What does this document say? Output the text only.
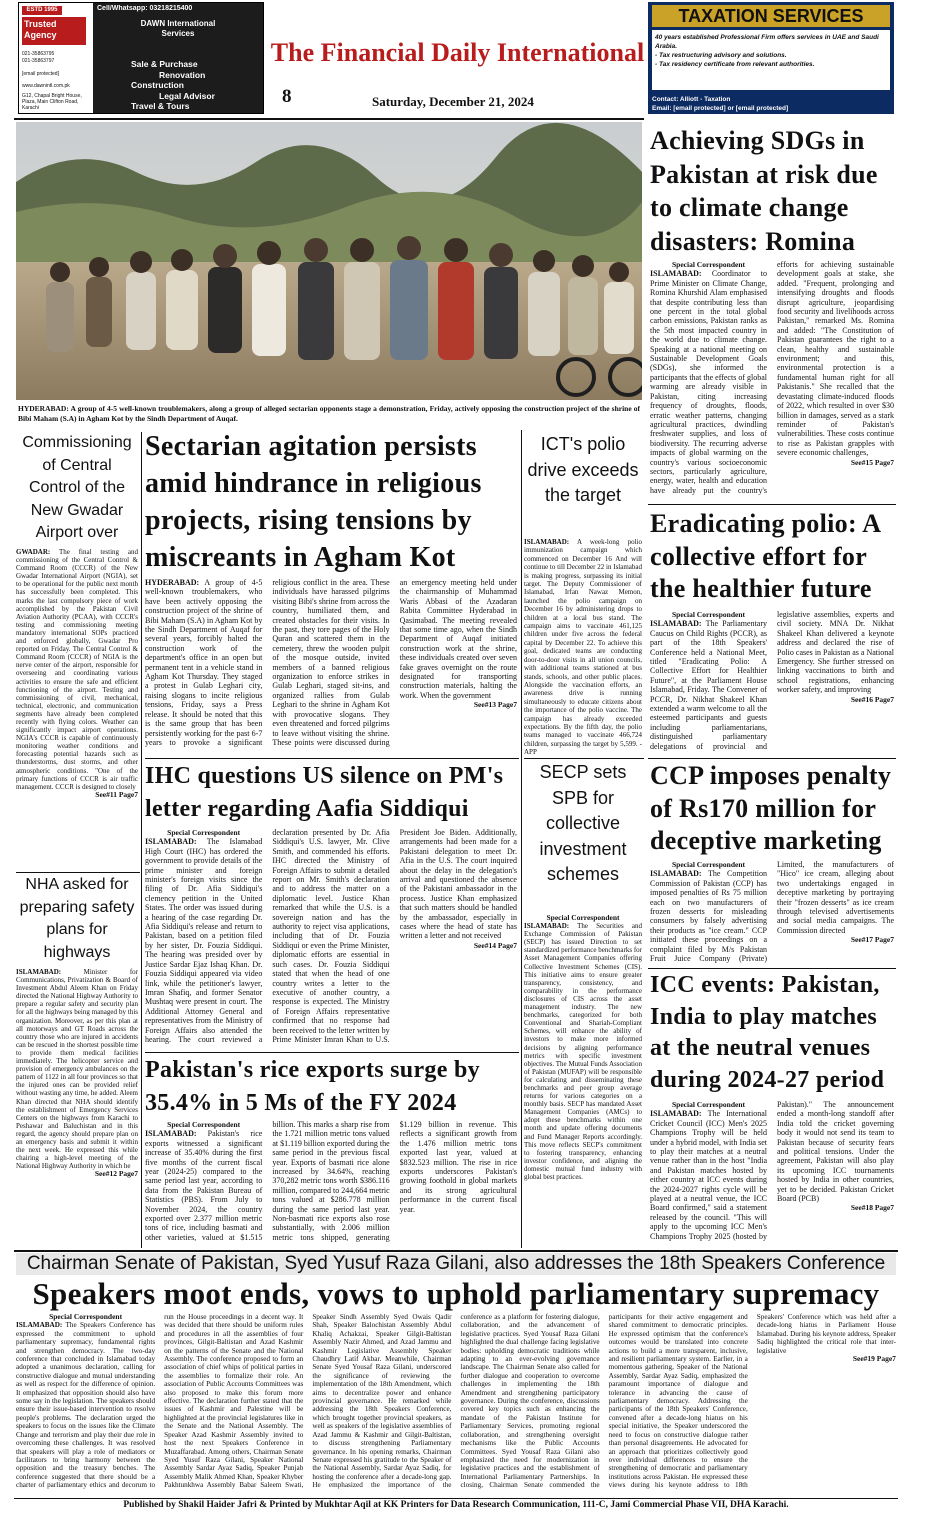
ESTD 1995
Trusted Agency
021-35863795
021-35863797
[email protected]
www.dawnintl.com.pk
G12, Chapal Bright House, Plaza, Main Clifton Road, Karachi
Cell/Whatsapp: 03218215400
DAWN International Services
Sale & Purchase
Renovation
Construction
Legal Advisor
Travel & Tours
The Financial Daily International
8	Saturday, December 21, 2024
TAXATION SERVICES
40 years established Professional Firm offers services in UAE and Saudi Arabia.
- Tax restructuring advisory and solutions.
- Tax residency certificate from relevant authorities.
Contact: Alliott - Taxation
Email: [email protected] or [email protected]
HYDERABAD: A group of 4-5 well-known troublemakers, along a group of alleged sectarian opponents stage a demonstration, Friday, actively opposing the construction project of the shrine of Bibi Maham (S.A) in Agham Kot by the Sindh Department of Auqaf.
Achieving SDGs in Pakistan at risk due to climate change disasters: Romina
Special Correspondent
ISLAMABAD: Coordinator to Prime Minister on Climate Change, Romina Khurshid Alam emphasised that despite contributing less than one percent in the total global carbon emissions, Pakistan ranks as the 5th most impacted country in the world due to climate change. Speaking at a national meeting on Sustainable Development Goals (SDGs), she informed the participants that the effects of global warming are already visible in Pakistan, citing increasing frequency of droughts, floods, erratic weather patterns, changing agricultural practices, dwindling freshwater supplies, and loss of biodiversity. The recurring adverse impacts of global warming on the country's various socioeconomic sectors, particularly agriculture, energy, water, health and education have already put the country's efforts for achieving sustainable development goals at stake, she added. "Frequent, prolonging and intensifying droughts and floods disrupt agriculture, jeopardising food security and livelihoods across Pakistan," remarked Ms. Romina and added: "The Constitution of Pakistan guarantees the right to a clean, healthy and sustainable environment; and this, environmental protection is a fundamental human right for all Pakistanis." She recalled that the devastating climate-induced floods of 2022, which resulted in over $30 billion in damages, served as a stark reminder of Pakistan's vulnerabilities. These costs continue to rise as Pakistan grapples with severe economic challenges,
See#15 Page7
Eradicating polio: A collective effort for the healthier future
Special Correspondent
ISLAMABAD: The Parliamentary Caucus on Child Rights (PCCR), as part of the 18th Speakers' Conference held a National Meet, titled "Eradicating Polio: A Collective Effort for Healthier Future", at the Parliament House Islamabad, Friday. The Convener of PCCR, Dr. Nikhat Shakeel Khan extended a warm welcome to all the esteemed participants and guests including parliamentarians, distinguished parliamentary delegations of provincial and legislative assemblies, experts and civil society. MNA Dr. Nikhat Shakeel Khan delivered a keynote address and declared the rise of Polio cases in Pakistan as a National Emergency. She further stressed on linking vaccinations to birth and school registrations, enhancing worker safety, and improving
See#16 Page7
CCP imposes penalty of Rs170 million for deceptive marketing
Special Correspondent
ISLAMABAD: The Competition Commission of Pakistan (CCP) has imposed penalties of Rs 75 million each on two manufacturers of frozen desserts for misleading consumers by falsely advertising their products as "ice cream." CCP initiated these proceedings on a complaint filed by M/s Pakistan Fruit Juice Company (Private) Limited, the manufacturers of "Hico" ice cream, alleging about two undertakings engaged in deceptive marketing by portraying their "frozen desserts" as ice cream through televised advertisements and social media campaigns. The Commission directed
See#17 Page7
ICC events: Pakistan, India to play matches at the neutral venues during 2024-27 period
Special Correspondent
ISLAMABAD: The International Cricket Council (ICC) Men's 2025 Champions Trophy will be held under a hybrid model, with India set to play their matches at a neutral venue rather than in the host "India and Pakistan matches hosted by either country at ICC events during the 2024-2027 rights cycle will be played at a neutral venue, the ICC Board confirmed," said a statement released by the council. "This will apply to the upcoming ICC Men's Champions Trophy 2025 (hosted by Pakistan)." The announcement ended a month-long standoff after India told the cricket governing body it would not send its team to Pakistan because of security fears and political tensions. Under the agreement, Pakistan will also play its upcoming ICC tournaments hosted by India in other countries, yet to be decided. Pakistan Cricket Board (PCB)
See#18 Page7
Commissioning of Central Control of the New Gwadar Airport over
GWADAR: The final testing and commissioning of the Central Control & Command Room (CCCR) of the New Gwadar International Airport (NGIA), set to be operational for the public next month has successfully been completed. This marks the last compulsory piece of work accomplished by the Pakistan Civil Aviation Authority (PCAA), with CCCR's testing and commissioning meeting mandatory international SOPs practiced and enforced globally, Gwadar Pro reported on Friday. The Central Control & Command Room (CCCR) of NGIA is the nerve center of the airport, responsible for overseeing and coordinating various activities to ensure the safe and efficient functioning of the airport. Testing and commissioning of civil, mechanical, technical, electronic, and communication segments have already been completed recently with flying colors. Weather can significantly impact airport operations. NGIA's CCCR is capable of continuously monitoring weather conditions and forecasting potential hazards such as thunderstorms, dust storms, and other atmospheric conditions. "One of the primary functions of CCCR is air traffic management. CCCR is designed to closely
See#11 Page7
NHA asked for preparing safety plans for highways
ISLAMABAD:	Minister for Communications, Privatization & Board of Investment Abdul Aleem Khan on Friday directed the National Highway Authority to prepare a regular safety and security plan for all the highways being managed by this organization. Moreover, as per this plan at all motorways and GT Roads across the country those who are injured in accidents can be rescued in the shortest possible time to provide them medical facilities immediately. The helicopter service and provision of emergency ambulances on the pattern of 1122 in all four provinces so that the injured ones can be provided relief without wasting any time, he added. Aleem Khan directed that NHA should identify the establishment of Emergency Services Centers on the highways from Karachi to Peshawar and Baluchistan and in this regard, the agency should prepare plan on an emergency basis and submit it within the next week. He expressed this while chairing a high-level meeting of the National Highway Authority in which he
See#12 Page7
Sectarian agitation persists amid hindrance in religious projects, rising tensions by miscreants in Agham Kot
HYDERABAD: A group of 4-5 well-known troublemakers, who have been actively opposing the construction project of the shrine of Bibi Maham (S.A) in Agham Kot by the Sindh Department of Auqaf for several years, forcibly halted the construction work of the department's office in an open but permanent tent in a vehicle stand in Agham Kot Thursday. They staged a protest in Gulab Leghari city, raising slogans to incite religious tensions, Friday, says a Press release. It should be noted that this is the same group that has been persistently working for the past 6-7 years to provoke a significant religious conflict in the area. These individuals have harassed pilgrims visiting Bibi's shrine from across the country, humiliated them, and created obstacles for their visits. In the past, they tore pages of the Holy Quran and scattered them in the cemetery, threw the wooden pulpit of the mosque outside, invited members of a banned religious organization to enforce strikes in Gulab Leghari, staged sit-ins, and organized rallies from Gulab Leghari to the shrine in Agham Kot with provocative slogans. They even threatened and forced pilgrims to leave without visiting the shrine. These points were discussed during an emergency meeting held under the chairmanship of Muhammad Waris Abbasi of the Azadaran Rabita Committee Hyderabad in Qasimabad. The meeting revealed that some time ago, when the Sindh Department of Auqaf initiated construction work at the shrine, these individuals created over seven fake graves overnight on the route designated for transporting construction materials, halting the work. When the government
See#13 Page7
ICT's polio drive exceeds the target
ISLAMABAD: A week-long polio immunization campaign which commenced on December 16 And will continue to till December 22 in Islamabad is making progress, surpassing its initial target. The Deputy Commissioner of Islamabad, Irfan Nawaz Memon, launched the polio campaign on December 16 by administering drops to children at a local bus stand. The campaign aims to vaccinate 461,125 children under five across the federal capital by December 22. To achieve this goal, dedicated teams are conducting door-to-door visits in all union councils, with additional teams stationed at bus stands, schools, and other public places. Alongside the vaccination efforts, an awareness drive is running simultaneously to educate citizens about the importance of the polio vaccine. The campaign has already exceeded expectations. By the fifth day, the polio teams managed to vaccinate 466,724 children, surpassing the target by 5,599. - APP
SECP sets SPB for collective investment schemes
Special Correspondent
ISLAMABAD: The Securities and Exchange Commission of Pakistan (SECP) has issued Direction to set standardized performance benchmarks for Asset Management Companies offering Collective Investment Schemes (CIS). This initiative aims to ensure greater transparency, consistency, and comparability in the performance disclosures of CIS across the asset management industry. The new benchmarks, categorized for both Conventional and Shariah-Compliant Schemes, will enhance the ability of investors to make more informed decisions by aligning performance metrics with specific investment objectives. The Mutual Funds Association of Pakistan (MUFAP) will be responsible for calculating and disseminating these benchmarks and peer group average returns for various categories on a monthly basis. SECP has mandated Asset Management Companies (AMCs) to adopt these benchmarks within one month and update offering documents and Fund Manager Reports accordingly. This move reflects SECP's commitment to fostering transparency, enhancing investor confidence, and aligning the domestic mutual fund industry with global best practices.
IHC questions US silence on PM's letter regarding Aafia Siddiqui
Special Correspondent
ISLAMABAD: The Islamabad High Court (IHC) has ordered the government to provide details of the prime minister and foreign minister's foreign visits since the filing of Dr. Afia Siddiqui's clemency petition in the United States. The order was issued during a hearing of the case regarding Dr. Afia Siddiqui's release and return to Pakistan, based on a petition filed by her sister, Dr. Fouzia Siddiqui. The hearing was presided over by Justice Sardar Ejaz Ishaq Khan. Dr. Fouzia Siddiqui appeared via video link, while the petitioner's lawyer, Imran Shafiq, and former Senator Mushtaq were present in court. The Additional Attorney General and representatives from the Ministry of Foreign Affairs also attended the hearing. The court reviewed a declaration presented by Dr. Afia Siddiqui's U.S. lawyer, Mr. Clive Smith, and commended his efforts. IHC directed the Ministry of Foreign Affairs to submit a detailed report on Mr. Smith's declaration and to address the matter on a diplomatic level. Justice Khan remarked that while the U.S. is a sovereign nation and has the authority to reject visa applications, including that of Dr. Fouzia Siddiqui or even the Prime Minister, diplomatic efforts are essential in such cases. Dr. Fouzia Siddiqui stated that when the head of one country writes a letter to the executive of another country, a response is expected. The Ministry of Foreign Affairs representative confirmed that no response had been received to the letter written by Prime Minister Imran Khan to U.S. President Joe Biden. Additionally, arrangements had been made for a Pakistani delegation to meet Dr. Afia in the U.S. The court inquired about the delay in the delegation's arrival and questioned the absence of the Pakistani ambassador in the process. Justice Khan emphasized that such matters should be handled by the ambassador, especially in cases where the head of state has written a letter and not received
See#14 Page7
Pakistan's rice exports surge by 35.4% in 5 Ms of the FY 2024
Special Correspondent
ISLAMABAD: Pakistan's rice exports witnessed a significant increase of 35.40% during the first five months of the current fiscal year (2024-25) compared to the same period last year, according to data from the Pakistan Bureau of Statistics (PBS). From July to November 2024, the country exported over 2.377 million metric tons of rice, including basmati and other varieties, valued at $1.515 billion. This marks a sharp rise from the 1.721 million metric tons valued at $1.119 billion exported during the same period in the previous fiscal year. Exports of basmati rice alone increased by 34.64%, reaching 370,282 metric tons worth $386.116 million, compared to 244,664 metric tons valued at $286.778 million during the same period last year. Non-basmati rice exports also rose substantially, with 2.006 million metric tons shipped, generating $1.129 billion in revenue. This reflects a significant growth from the 1.476 million metric tons exported last year, valued at $832.523 million. The rise in rice exports underscores Pakistan's growing foothold in global markets and its strong agricultural performance in the current fiscal year.
Chairman Senate of Pakistan, Syed Yusuf Raza Gilani, also addresses the 18th Speakers Conference
Speakers moot ends, vows to uphold parliamentary supremacy
Special Correspondent
ISLAMABAD: The Speakers Conference has expressed the commitment to uphold parliamentary supremacy, fundamental rights and strengthen democracy. The two-day conference that concluded in Islamabad today adopted a unanimous declaration, calling for constructive dialogue and mutual understanding as well as respect for the difference of opinion. It emphasized that opposition should also have some say in the legislation. The speakers should ensure their issue-based intervention to resolve people's problems. The declaration urged the speakers to focus on the issues like the Climate Change and terrorism and play their due role in overcoming these challenges. It was resolved that speakers will play a role of mediators or facilitators to bring harmony between the opposition and the treasury benches. The conference suggested that there should be a charter of parliamentary ethics and decorum to run the House proceedings in a decent way. It was decided that there should be uniform rules and procedures in all the assemblies of four provinces, Gilgit-Baltistan and Azad Kashmir on the patterns of the Senate and the National Assembly. The conference proposed to form an association of chief whips of political parties in the assemblies to formalize their role. An association of Public Accounts Committees was also proposed to make this forum more effective. The declaration further stated that the issues of Kashmir and Palestine will be highlighted at the provincial legislatures like in the Senate and the National Assembly. The Speaker Azad Kashmir Assembly invited to host the next Speakers Conference in Muzaffarabad. Among others, Chairman Senate Syed Yusuf Raza Gilani, Speaker National Assembly Sardar Ayaz Sadiq, Speaker Punjab Assembly Malik Ahmed Khan, Speaker Khyber Pakhtunkhwa Assembly Babar Saleem Swati, Speaker Sindh Assembly Syed Owais Qadir Shah, Speaker Balochistan Assembly Abdul Khaliq Achakzai, Speaker Gilgit-Baltistan Assembly Nazir Ahmed, and Azad Jammu and Kashmir Legislative Assembly Speaker Chaudhry Latif Akbar. Meanwhile, Chairman Senate Syed Yousaf Raza Gilani, underscored the significance of reviewing the implementation of the 18th Amendment, which aims to decentralize power and enhance provincial governance. He remarked while addressing the 18th Speakers Conference, which brought together provincial speakers, as well as speakers of the legislative assemblies of Azad Jammu & Kashmir and Gilgit-Baltistan, to discuss strengthening Parliamentary governance. In his opening remarks, Chairman Senate expressed his gratitude to the Speaker of the National Assembly, Sardar Ayaz Sadiq, for hosting the conference after a decade-long gap. He emphasized the importance of the conference as a platform for fostering dialogue, collaboration, and the advancement of legislative practices. Syed Yousaf Raza Gilani highlighted the dual challenge facing legislative bodies: upholding democratic traditions while adapting to an ever-evolving governance landscape. The Chairman Senate also called for further dialogue and cooperation to overcome challenges in implementing the 18th Amendment and strengthening participatory governance. During the conference, discussions covered key topics such as enhancing the mandate of the Pakistan Institute for Parliamentary Services, promoting regional collaboration, and strengthening oversight mechanisms like the Public Accounts Committees. Syed Yousaf Raza Gilani also emphasized the need for modernization in legislative practices and the establishment of International Parliamentary Partnerships. In closing, Chairman Senate commended the participants for their active engagement and shared commitment to democratic principles. He expressed optimism that the conference's outcomes would be translated into concrete actions to build a more transparent, inclusive, and resilient parliamentary system. Earlier, in a momentous gathering, Speaker of the National Assembly, Sardar Ayaz Sadiq, emphasized the paramount importance of dialogue and tolerance in advancing the cause of parliamentary democracy. Addressing the participants of the 18th Speakers' Conference, convened after a decade-long hiatus on his special initiative, the Speaker underscored the need to focus on constructive dialogue rather than personal disagreements. He advocated for an approach that prioritizes collectively good over individual differences to ensure the strengthening of democratic and parliamentary institutions across Pakistan. He expressed these views during his keynote address to 18th Speakers' Conference which was held after a decade-long hiatus in Parliament House Islamabad. During his keynote address, Speaker Sadiq highlighted the critical role that inter-legislative
See#19 Page7
Published by Shakil Haider Jafri & Printed by Mukhtar Aqil at KK Printers for Data Research Communication, 111-C, Jami Commercial Phase VII, DHA Karachi.
